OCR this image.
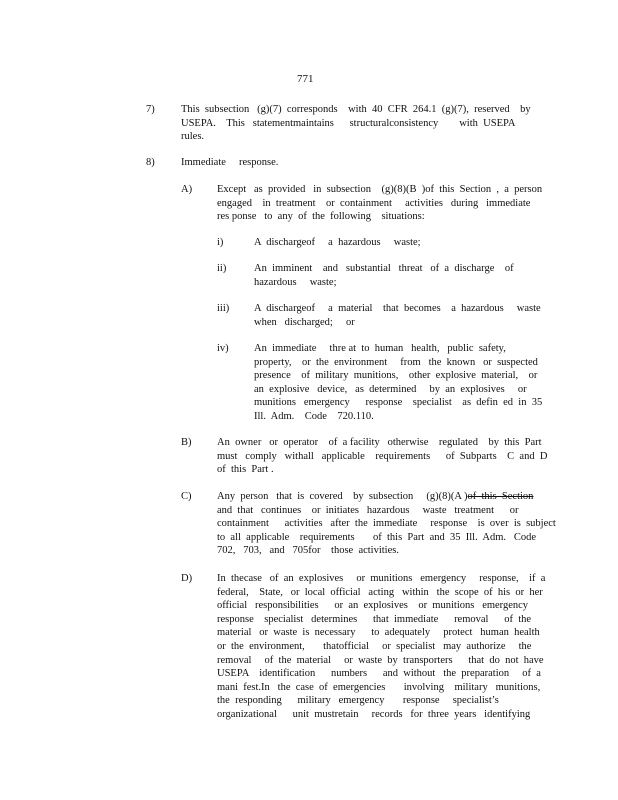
771
7)	This  subsection   (g)(7)  corresponds    with  40  CFR  264.1  (g)(7),  reserved    by
USEPA.    This   statementmaintains      structuralconsistency        with  USEPA
rules.
8)	Immediate     response.
A) Except   as  provided   in  subsection    (g)(8)(B  )of  this  Section  ,  a  person
engaged    in  treatment    or  containment     activities   during   immediate
res ponse   to  any  of  the  following    situations:
i)	A  dischargeof     a  hazardous     waste;
ii)	An  imminent    and   substantial   threat   of  a  discharge    of
hazardous     waste;
iii) A  dischargeof     a  material    that  becomes    a  hazardous     waste
when   discharged;     or
iv) An  immediate     thre at  to  human   health,   public  safety,
property,    or  the  environment     from   the  known   or  suspected
presence    of  military  munitions,    other  explosive  material,    or
an  explosive   device,   as  determined     by  an  explosives     or
munitions   emergency      response    specialist    as  defin  ed  in  35
Ill.  Adm.    Code    720.110.
B) An  owner   or  operator    of  a facility   otherwise    regulated    by  this  Part
must   comply   withall   applicable    requirements      of  Subparts    C  and  D
of  this  Part .
C) Any  person   that  is  covered    by  subsection     (g)(8)(A )of  this  Section
and  that   continues    or  initiates   hazardous     waste   treatment      or
containment      activities   after  the  immediate     response    is  over  is  subject
to  all  applicable    requirements       of  this  Part  and  35  Ill.  Adm.   Code
702,   703,   and   705for    those  activities.
D) In  thecase   of  an  explosives     or  munitions   emergency     response,    if  a
federal,    State,   or  local  official   acting   within   the  scope  of  his  or  her
official   responsibilities      or  an  explosives    or  munitions   emergency
response    specialist   determines      that  immediate      removal      of  the
material   or  waste  is  necessary      to  adequately     protect   human  health
or  the  environment,       thatofficial     or  specialist   may  authorize     the
removal     of  the  material     or  waste  by  transporters      that  do  not  have
USEPA    identification      numbers      and  without   the  preparation     of  a
mani  fest.In   the  case  of  emergencies       involving    military   munitions,
the  responding      military   emergency       response     specialist’s
organizational      unit  mustretain     records   for  three  years   identifying
